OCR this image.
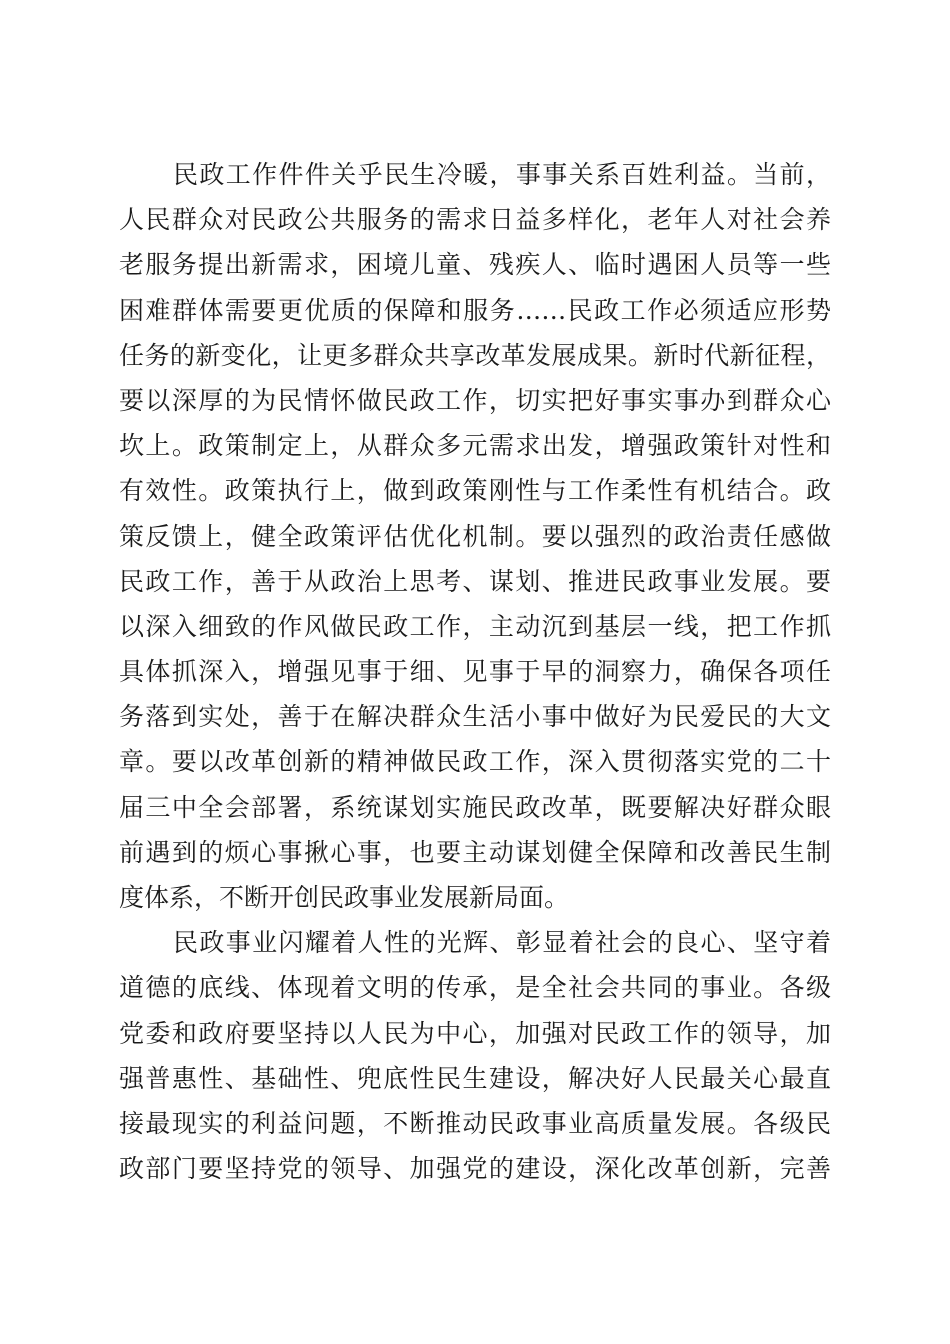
民政工作件件关乎民生冷暖，事事关系百姓利益。当前，
人民群众对民政公共服务的需求日益多样化，老年人对社会养
老服务提出新需求，困境儿童、残疾人、临时遇困人员等一些
困难群体需要更优质的保障和服务……民政工作必须适应形势
任务的新变化，让更多群众共享改革发展成果。新时代新征程，
要以深厚的为民情怀做民政工作，切实把好事实事办到群众心
坎上。政策制定上，从群众多元需求出发，增强政策针对性和
有效性。政策执行上，做到政策刚性与工作柔性有机结合。政
策反馈上，健全政策评估优化机制。要以强烈的政治责任感做
民政工作，善于从政治上思考、谋划、推进民政事业发展。要
以深入细致的作风做民政工作，主动沉到基层一线，把工作抓
具体抓深入，增强见事于细、见事于早的洞察力，确保各项任
务落到实处，善于在解决群众生活小事中做好为民爱民的大文
章。要以改革创新的精神做民政工作，深入贯彻落实党的二十
届三中全会部署，系统谋划实施民政改革，既要解决好群众眼
前遇到的烦心事揪心事，也要主动谋划健全保障和改善民生制
度体系，不断开创民政事业发展新局面。
民政事业闪耀着人性的光辉、彰显着社会的良心、坚守着
道德的底线、体现着文明的传承，是全社会共同的事业。各级
党委和政府要坚持以人民为中心，加强对民政工作的领导，加
强普惠性、基础性、兜底性民生建设，解决好人民最关心最直
接最现实的利益问题，不断推动民政事业高质量发展。各级民
政部门要坚持党的领导、加强党的建设，深化改革创新，完善
